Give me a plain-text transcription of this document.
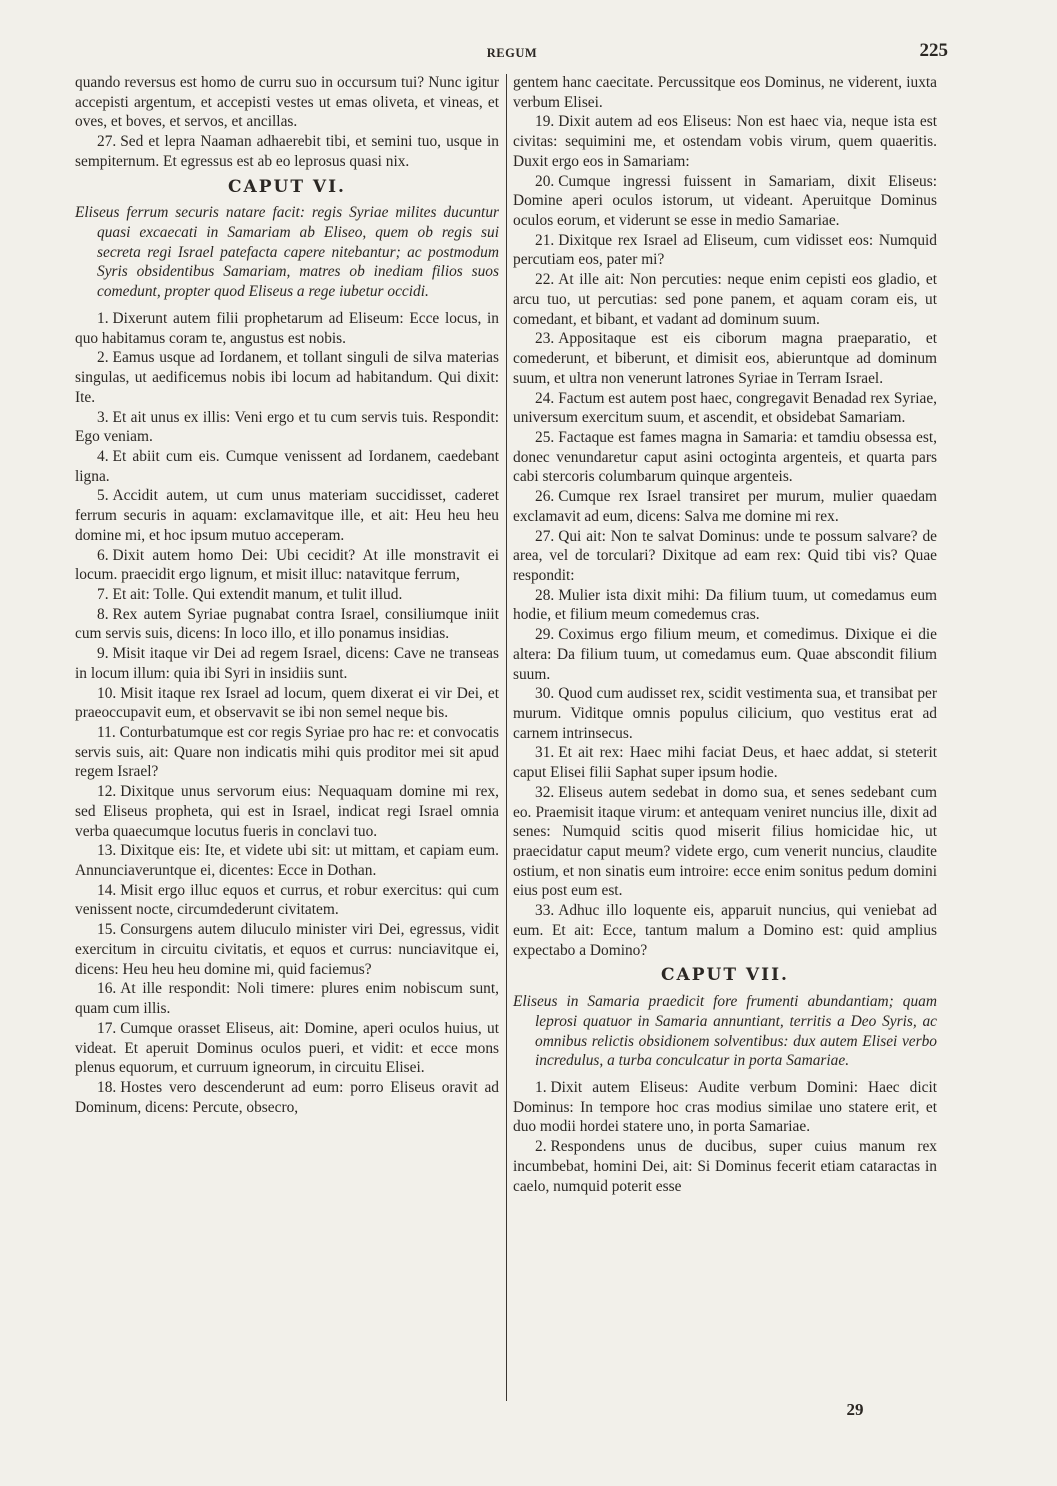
REGUM	225

quando reversus est homo de curru suo in occursum tui? Nunc igitur accepisti argentum, et accepisti vestes ut emas oliveta, et vineas, et oves, et boves, et servos, et ancillas.

27. Sed et lepra Naaman adhaerebit tibi, et semini tuo, usque in sempiternum. Et egressus est ab eo leprosus quasi nix.

CAPUT VI.

Eliseus ferrum securis natare facit: regis Syriae milites ducuntur quasi excaecati in Samariam ab Eliseo, quem ob regis sui secreta regi Israel patefacta capere nitebantur; ac postmodum Syris obsidentibus Samariam, matres ob inediam filios suos comedunt, propter quod Eliseus a rege iubetur occidi.

1. Dixerunt autem filii prophetarum ad Eliseum: Ecce locus, in quo habitamus coram te, angustus est nobis.

2. Eamus usque ad Iordanem, et tollant singuli de silva materias singulas, ut aedificemus nobis ibi locum ad habitandum. Qui dixit: Ite.

3. Et ait unus ex illis: Veni ergo et tu cum servis tuis. Respondit: Ego veniam.

4. Et abiit cum eis. Cumque venissent ad Iordanem, caedebant ligna.

5. Accidit autem, ut cum unus materiam succidisset, caderet ferrum securis in aquam: exclamavitque ille, et ait: Heu heu heu domine mi, et hoc ipsum mutuo acceperam.

6. Dixit autem homo Dei: Ubi cecidit? At ille monstravit ei locum. praecidit ergo lignum, et misit illuc: natavitque ferrum,

7. Et ait: Tolle. Qui extendit manum, et tulit illud.

8. Rex autem Syriae pugnabat contra Israel, consiliumque iniit cum servis suis, dicens: In loco illo, et illo ponamus insidias.

9. Misit itaque vir Dei ad regem Israel, dicens: Cave ne transeas in locum illum: quia ibi Syri in insidiis sunt.

10. Misit itaque rex Israel ad locum, quem dixerat ei vir Dei, et praeoccupavit eum, et observavit se ibi non semel neque bis.

11. Conturbatumque est cor regis Syriae pro hac re: et convocatis servis suis, ait: Quare non indicatis mihi quis proditor mei sit apud regem Israel?

12. Dixitque unus servorum eius: Nequaquam domine mi rex, sed Eliseus propheta, qui est in Israel, indicat regi Israel omnia verba quaecumque locutus fueris in conclavi tuo.

13. Dixitque eis: Ite, et videte ubi sit: ut mittam, et capiam eum. Annunciaveruntque ei, dicentes: Ecce in Dothan.

14. Misit ergo illuc equos et currus, et robur exercitus: qui cum venissent nocte, circumdederunt civitatem.

15. Consurgens autem diluculo minister viri Dei, egressus, vidit exercitum in circuitu civitatis, et equos et currus: nunciavitque ei, dicens: Heu heu heu domine mi, quid faciemus?

16. At ille respondit: Noli timere: plures enim nobiscum sunt, quam cum illis.

17. Cumque orasset Eliseus, ait: Domine, aperi oculos huius, ut videat. Et aperuit Dominus oculos pueri, et vidit: et ecce mons plenus equorum, et curruum igneorum, in circuitu Elisei.

18. Hostes vero descenderunt ad eum: porro Eliseus oravit ad Dominum, dicens: Percute, obsecro,

gentem hanc caecitate. Percussitque eos Dominus, ne viderent, iuxta verbum Elisei.

19. Dixit autem ad eos Eliseus: Non est haec via, neque ista est civitas: sequimini me, et ostendam vobis virum, quem quaeritis. Duxit ergo eos in Samariam:

20. Cumque ingressi fuissent in Samariam, dixit Eliseus: Domine aperi oculos istorum, ut videant. Aperuitque Dominus oculos eorum, et viderunt se esse in medio Samariae.

21. Dixitque rex Israel ad Eliseum, cum vidisset eos: Numquid percutiam eos, pater mi?

22. At ille ait: Non percuties: neque enim cepisti eos gladio, et arcu tuo, ut percutias: sed pone panem, et aquam coram eis, ut comedant, et bibant, et vadant ad dominum suum.

23. Appositaque est eis ciborum magna praeparatio, et comederunt, et biberunt, et dimisit eos, abieruntque ad dominum suum, et ultra non venerunt latrones Syriae in Terram Israel.

24. Factum est autem post haec, congregavit Benadad rex Syriae, universum exercitum suum, et ascendit, et obsidebat Samariam.

25. Factaque est fames magna in Samaria: et tamdiu obsessa est, donec venundaretur caput asini octoginta argenteis, et quarta pars cabi stercoris columbarum quinque argenteis.

26. Cumque rex Israel transiret per murum, mulier quaedam exclamavit ad eum, dicens: Salva me domine mi rex.

27. Qui ait: Non te salvat Dominus: unde te possum salvare? de area, vel de torculari? Dixitque ad eam rex: Quid tibi vis? Quae respondit:

28. Mulier ista dixit mihi: Da filium tuum, ut comedamus eum hodie, et filium meum comedemus cras.

29. Coximus ergo filium meum, et comedimus. Dixique ei die altera: Da filium tuum, ut comedamus eum. Quae abscondit filium suum.

30. Quod cum audisset rex, scidit vestimenta sua, et transibat per murum. Viditque omnis populus cilicium, quo vestitus erat ad carnem intrinsecus.

31. Et ait rex: Haec mihi faciat Deus, et haec addat, si steterit caput Elisei filii Saphat super ipsum hodie.

32. Eliseus autem sedebat in domo sua, et senes sedebant cum eo. Praemisit itaque virum: et antequam veniret nuncius ille, dixit ad senes: Numquid scitis quod miserit filius homicidae hic, ut praecidatur caput meum? videte ergo, cum venerit nuncius, claudite ostium, et non sinatis eum introire: ecce enim sonitus pedum domini eius post eum est.

33. Adhuc illo loquente eis, apparuit nuncius, qui veniebat ad eum. Et ait: Ecce, tantum malum a Domino est: quid amplius expectabo a Domino?

CAPUT VII.

Eliseus in Samaria praedicit fore frumenti abundantiam; quam leprosi quatuor in Samaria annuntiant, territis a Deo Syris, ac omnibus relictis obsidionem solventibus: dux autem Elisei verbo incredulus, a turba conculcatur in porta Samariae.

1. Dixit autem Eliseus: Audite verbum Domini: Haec dicit Dominus: In tempore hoc cras modius similae uno statere erit, et duo modii hordei statere uno, in porta Samariae.

2. Respondens unus de ducibus, super cuius manum rex incumbebat, homini Dei, ait: Si Dominus fecerit etiam cataractas in caelo, numquid poterit esse

29
